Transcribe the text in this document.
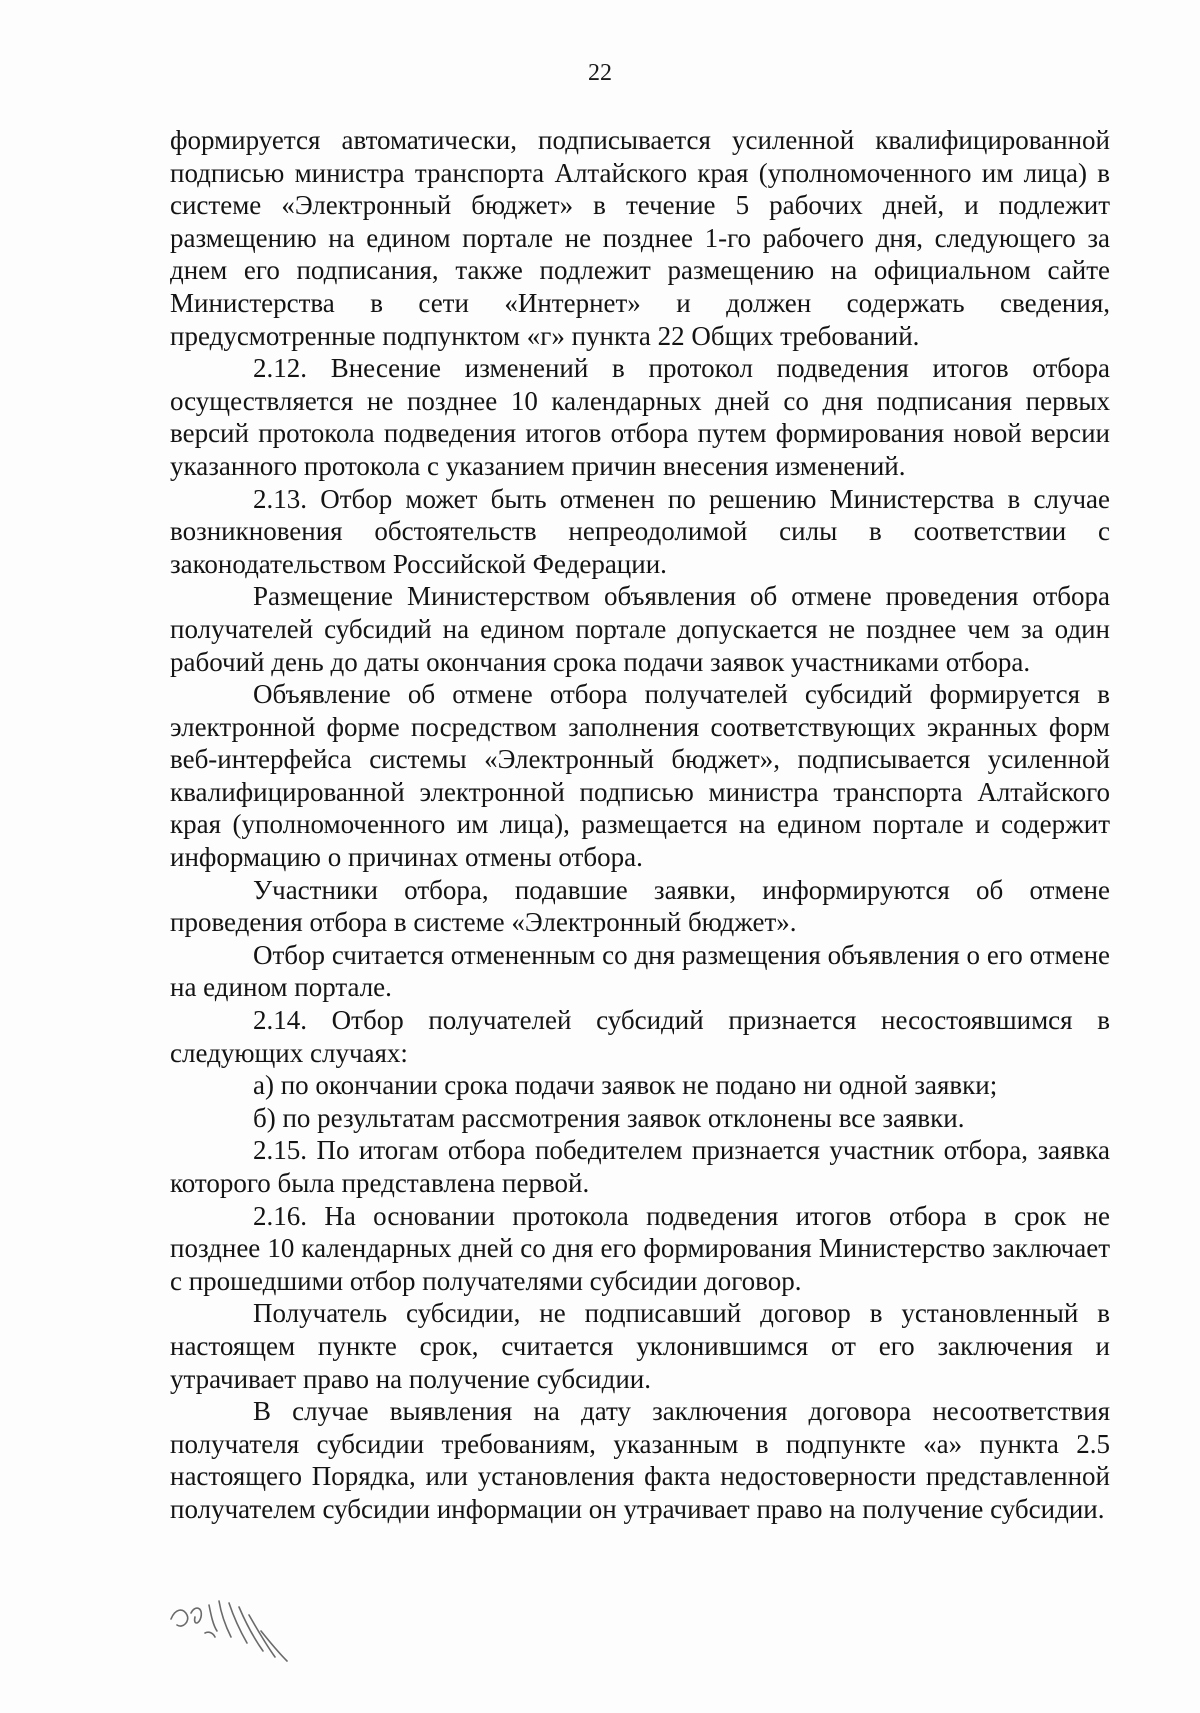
22

формируется автоматически, подписывается усиленной квалифицированной подписью министра транспорта Алтайского края (уполномоченного им лица) в системе «Электронный бюджет» в течение 5 рабочих дней, и подлежит размещению на едином портале не позднее 1-го рабочего дня, следующего за днем его подписания, также подлежит размещению на официальном сайте Министерства в сети «Интернет» и должен содержать сведения, предусмотренные подпунктом «г» пункта 22 Общих требований.

2.12. Внесение изменений в протокол подведения итогов отбора осуществляется не позднее 10 календарных дней со дня подписания первых версий протокола подведения итогов отбора путем формирования новой версии указанного протокола с указанием причин внесения изменений.

2.13. Отбор может быть отменен по решению Министерства в случае возникновения обстоятельств непреодолимой силы в соответствии с законодательством Российской Федерации.

Размещение Министерством объявления об отмене проведения отбора получателей субсидий на едином портале допускается не позднее чем за один рабочий день до даты окончания срока подачи заявок участниками отбора.

Объявление об отмене отбора получателей субсидий формируется в электронной форме посредством заполнения соответствующих экранных форм веб-интерфейса системы «Электронный бюджет», подписывается усиленной квалифицированной электронной подписью министра транспорта Алтайского края (уполномоченного им лица), размещается на едином портале и содержит информацию о причинах отмены отбора.

Участники отбора, подавшие заявки, информируются об отмене проведения отбора в системе «Электронный бюджет».

Отбор считается отмененным со дня размещения объявления о его отмене на едином портале.

2.14. Отбор получателей субсидий признается несостоявшимся в следующих случаях:

а) по окончании срока подачи заявок не подано ни одной заявки;

б) по результатам рассмотрения заявок отклонены все заявки.

2.15. По итогам отбора победителем признается участник отбора, заявка которого была представлена первой.

2.16. На основании протокола подведения итогов отбора в срок не позднее 10 календарных дней со дня его формирования Министерство заключает с прошедшими отбор получателями субсидии договор.

Получатель субсидии, не подписавший договор в установленный в настоящем пункте срок, считается уклонившимся от его заключения и утрачивает право на получение субсидии.

В случае выявления на дату заключения договора несоответствия получателя субсидии требованиям, указанным в подпункте «а» пункта 2.5 настоящего Порядка, или установления факта недостоверности представленной получателем субсидии информации он утрачивает право на получение субсидии.
